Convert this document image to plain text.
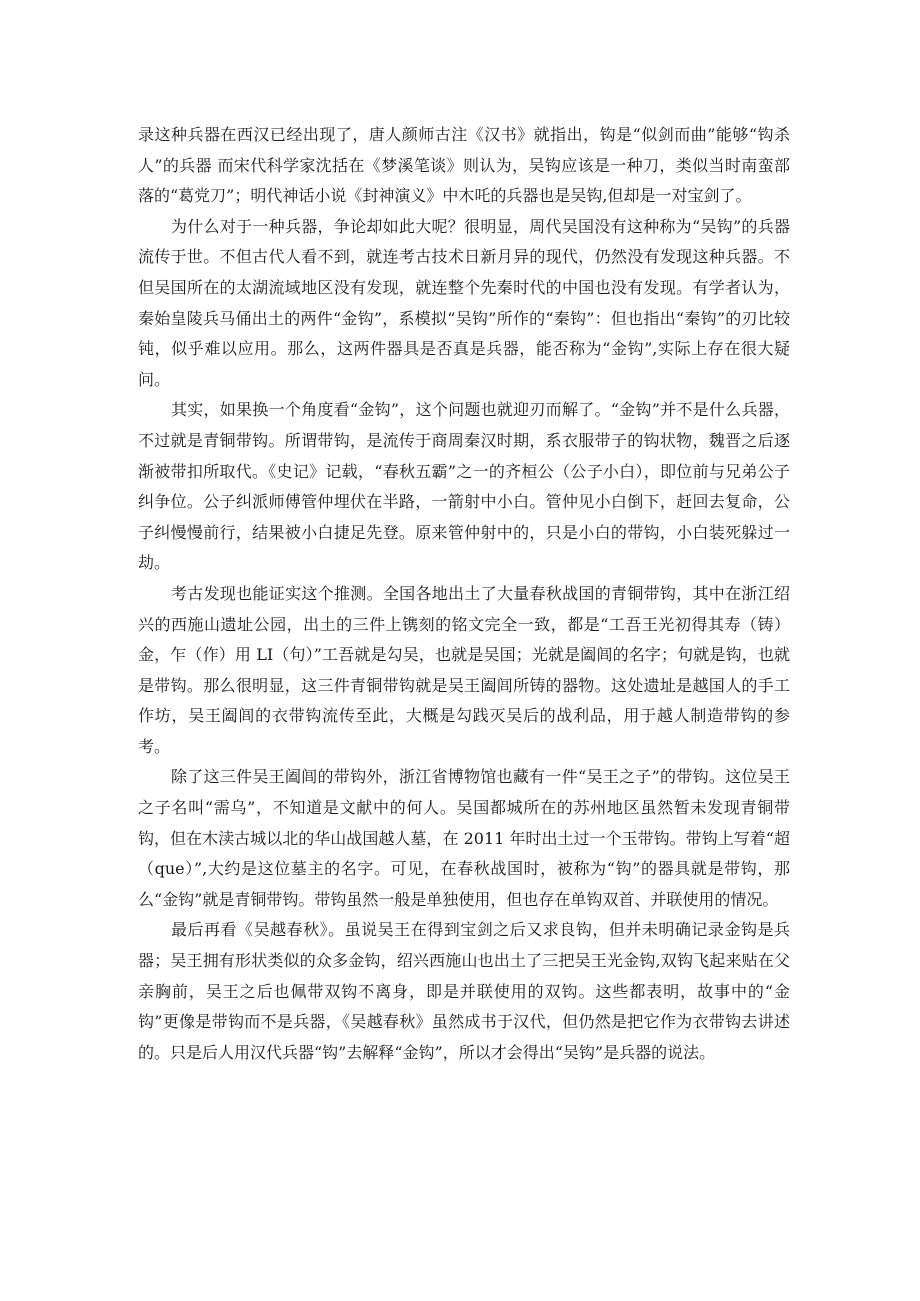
录这种兵器在西汉已经出现了，唐人颜师古注《汉书》就指出，钩是“似剑而曲”能够“钩杀人”的兵器 而宋代科学家沈括在《梦溪笔谈》则认为，吴钩应该是一种刀，类似当时南蛮部落的“葛党刀”；明代神话小说《封神演义》中木吒的兵器也是吴钩,但却是一对宝剑了。

为什么对于一种兵器，争论却如此大呢？很明显，周代吴国没有这种称为“吴钩”的兵器流传于世。不但古代人看不到，就连考古技术日新月异的现代，仍然没有发现这种兵器。不但吴国所在的太湖流域地区没有发现，就连整个先秦时代的中国也没有发现。有学者认为，秦始皇陵兵马俑出土的两件“金钩”，系模拟“吴钩”所作的“秦钩”：但也指出“秦钩”的刃比较钝，似乎难以应用。那么，这两件器具是否真是兵器，能否称为“金钩”,实际上存在很大疑问。

其实，如果换一个角度看“金钩”，这个问题也就迎刃而解了。“金钩”并不是什么兵器，不过就是青铜带钩。所谓带钩，是流传于商周秦汉时期，系衣服带子的钩状物，魏晋之后逐渐被带扣所取代。《史记》记载，“春秋五霸”之一的齐桓公（公子小白），即位前与兄弟公子纠争位。公子纠派师傅管仲埋伏在半路，一箭射中小白。管仲见小白倒下，赶回去复命，公子纠慢慢前行，结果被小白捷足先登。原来管仲射中的，只是小白的带钩，小白装死躲过一劫。

考古发现也能证实这个推测。全国各地出土了大量春秋战国的青铜带钩，其中在浙江绍兴的西施山遗址公园，出土的三件上镌刻的铭文完全一致，都是“工吾王光初得其寿（铸）金，乍（作）用 LI（句）”工吾就是勾吴，也就是吴国；光就是阖闾的名字；句就是钩，也就是带钩。那么很明显，这三件青铜带钩就是吴王阖闾所铸的器物。这处遗址是越国人的手工作坊，吴王阖闾的衣带钩流传至此，大概是勾践灭吴后的战利品，用于越人制造带钩的参考。

除了这三件吴王阖闾的带钩外，浙江省博物馆也藏有一件“吴王之子”的带钩。这位吴王之子名叫“需乌”，不知道是文献中的何人。吴国都城所在的苏州地区虽然暂未发现青铜带钩，但在木渎古城以北的华山战国越人墓，在 2011 年时出土过一个玉带钩。带钩上写着“超（que）”,大约是这位墓主的名字。可见，在春秋战国时，被称为“钩”的器具就是带钩，那么“金钩”就是青铜带钩。带钩虽然一般是单独使用，但也存在单钩双首、并联使用的情况。

最后再看《吴越春秋》。虽说吴王在得到宝剑之后又求良钩，但并未明确记录金钩是兵器；吴王拥有形状类似的众多金钩，绍兴西施山也出土了三把吴王光金钩,双钩飞起来贴在父亲胸前，吴王之后也佩带双钩不离身，即是并联使用的双钩。这些都表明，故事中的“金钩”更像是带钩而不是兵器，《吴越春秋》虽然成书于汉代，但仍然是把它作为衣带钩去讲述的。只是后人用汉代兵器“钩”去解释“金钩”，所以才会得出“吴钩”是兵器的说法。
